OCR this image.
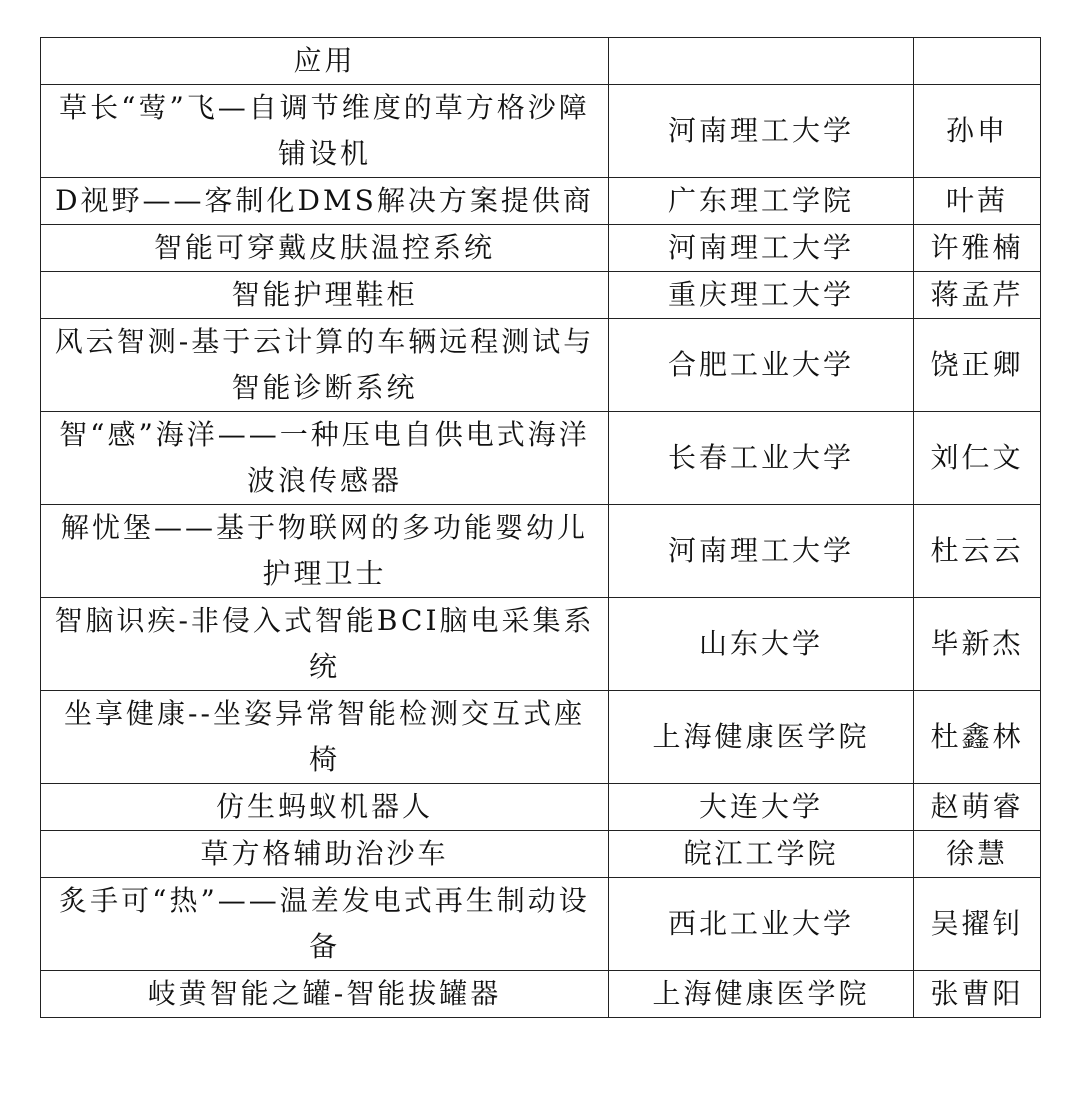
应用		
草长“莺”飞—自调节维度的草方格沙障铺设机	河南理工大学	孙申
D视野——客制化DMS解决方案提供商	广东理工学院	叶茜
智能可穿戴皮肤温控系统	河南理工大学	许雅楠
智能护理鞋柜	重庆理工大学	蒋孟芹
风云智测-基于云计算的车辆远程测试与智能诊断系统	合肥工业大学	饶正卿
智“感”海洋——一种压电自供电式海洋波浪传感器	长春工业大学	刘仁文
解忧堡——基于物联网的多功能婴幼儿护理卫士	河南理工大学	杜云云
智脑识疾-非侵入式智能BCI脑电采集系统	山东大学	毕新杰
坐享健康--坐姿异常智能检测交互式座椅	上海健康医学院	杜鑫林
仿生蚂蚁机器人	大连大学	赵萌睿
草方格辅助治沙车	皖江工学院	徐慧
炙手可“热”——温差发电式再生制动设备	西北工业大学	吴擢钊
岐黄智能之罐-智能拔罐器	上海健康医学院	张曹阳
